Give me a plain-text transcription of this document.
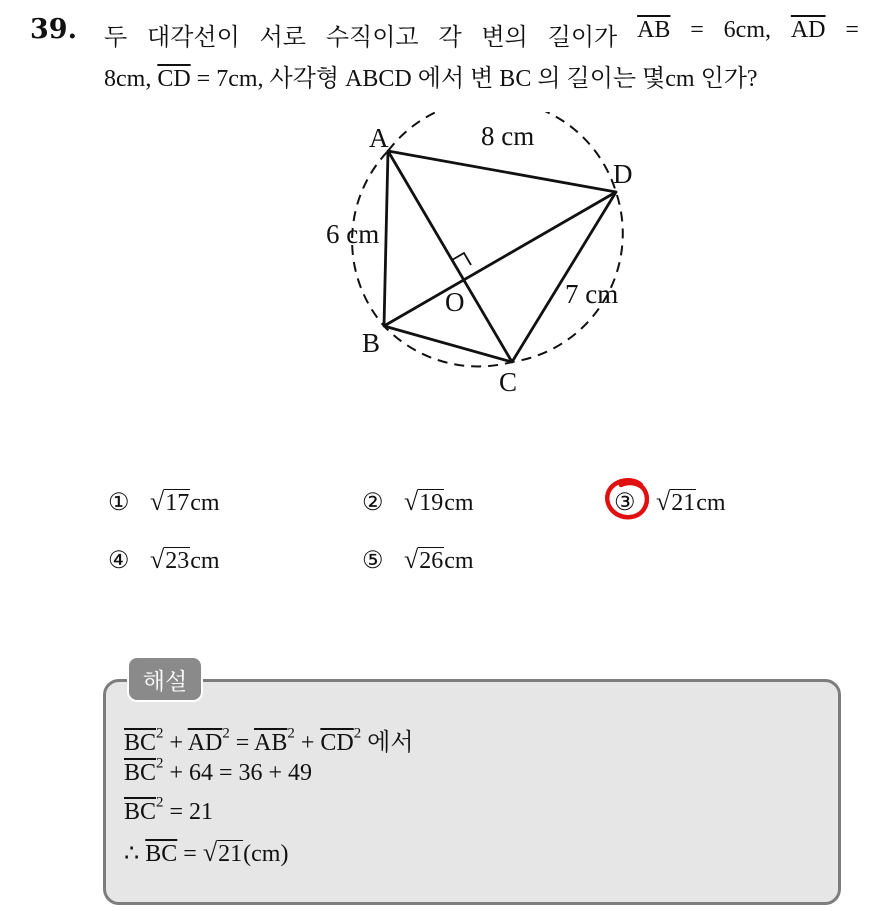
39. 두 대각선이 서로 수직이고 각 변의 길이가 $\overline{AB} = 6cm$, $\overline{AD}$ =
8cm, $\overline{CD} = 7cm$, 사각형 ABCD 에서 변 BC 의 길이는 몇cm 인가?
A
D
B
C
O
8 cm
6 cm
7 cm
① √17cm	② √19cm	③ √21cm
④ √23cm	⑤ √26cm
해설
$\overline{BC}^2 + \overline{AD}^2 = \overline{AB}^2 + \overline{CD}^2$ 에서
$\overline{BC}^2 + 64 = 36 + 49$
$\overline{BC}^2 = 21$
∴ $\overline{BC} = √21(cm)$
